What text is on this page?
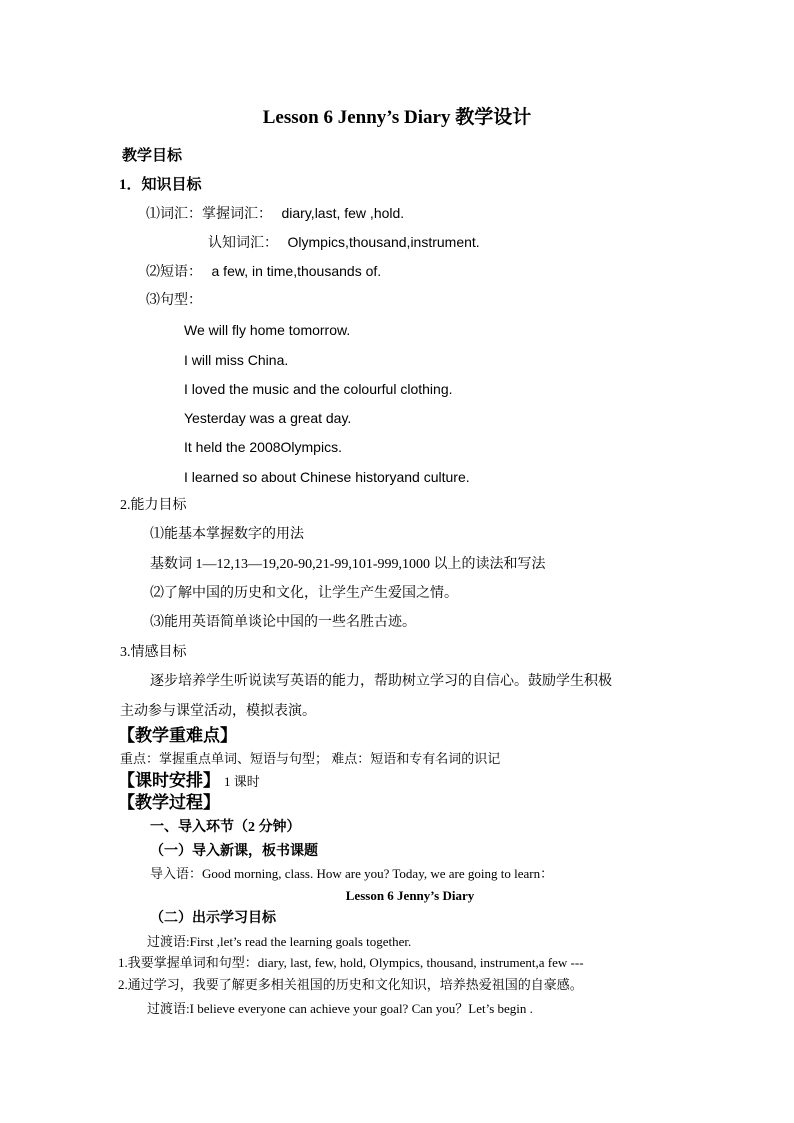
Lesson 6 Jenny’s Diary 教学设计
教学目标
1．知识目标
⑴词汇：掌握词汇： diary,last, few ,hold.
认知词汇： Olympics,thousand,instrument.
⑵短语： a few, in time,thousands of.
⑶句型：
We will fly home tomorrow.
I will miss China.
I loved the music and the colourful clothing.
Yesterday was a great day.
It held the 2008Olympics.
I learned so about Chinese historyand culture.
2.能力目标
⑴能基本掌握数字的用法
基数词 1—12,13—19,20-90,21-99,101-999,1000 以上的读法和写法
⑵了解中国的历史和文化，让学生产生爱国之情。
⑶能用英语简单谈论中国的一些名胜古迹。
3.情感目标
逐步培养学生听说读写英语的能力，帮助树立学习的自信心。鼓励学生积极
主动参与课堂活动，模拟表演。
【教学重难点】
重点：掌握重点单词、短语与句型； 难点：短语和专有名词的识记
【课时安排】 1 课时
【教学过程】
一、导入环节（2 分钟）
（一）导入新课，板书课题
导入语：Good morning, class. How are you? Today, we are going to learn：
Lesson 6 Jenny’s Diary
（二）出示学习目标
过渡语:First ,let’s read the learning goals together.
1.我要掌握单词和句型：diary, last, few, hold, Olympics, thousand, instrument,a few ---
2.通过学习，我要了解更多相关祖国的历史和文化知识，培养热爱祖国的自豪感。
过渡语:I believe everyone can achieve your goal? Can you？Let’s begin .
